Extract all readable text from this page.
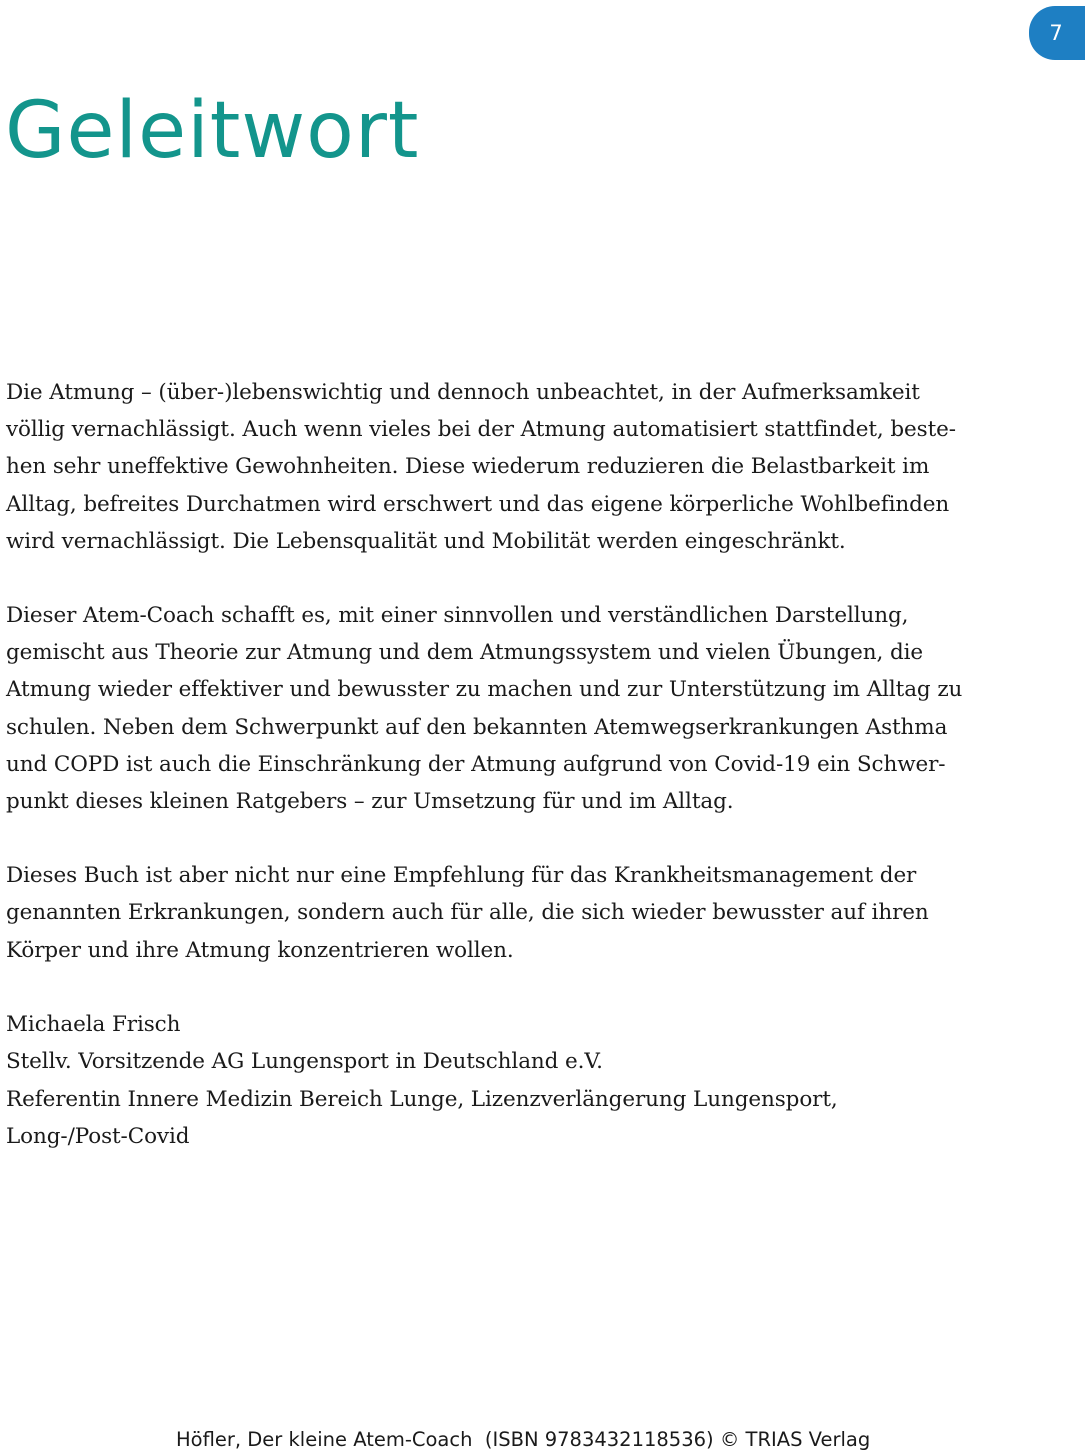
7
Geleitwort

Die Atmung – (über-)lebenswichtig und dennoch unbeachtet, in der Aufmerksamkeit
völlig vernachlässigt. Auch wenn vieles bei der Atmung automatisiert stattfindet, beste-
hen sehr uneffektive Gewohnheiten. Diese wiederum reduzieren die Belastbarkeit im
Alltag, befreites Durchatmen wird erschwert und das eigene körperliche Wohlbefinden
wird vernachlässigt. Die Lebensqualität und Mobilität werden eingeschränkt.

Dieser Atem-Coach schafft es, mit einer sinnvollen und verständlichen Darstellung,
gemischt aus Theorie zur Atmung und dem Atmungssystem und vielen Übungen, die
Atmung wieder effektiver und bewusster zu machen und zur Unterstützung im Alltag zu
schulen. Neben dem Schwerpunkt auf den bekannten Atemwegserkrankungen Asthma
und COPD ist auch die Einschränkung der Atmung aufgrund von Covid-19 ein Schwer-
punkt dieses kleinen Ratgebers – zur Umsetzung für und im Alltag.

Dieses Buch ist aber nicht nur eine Empfehlung für das Krankheitsmanagement der
genannten Erkrankungen, sondern auch für alle, die sich wieder bewusster auf ihren
Körper und ihre Atmung konzentrieren wollen.

Michaela Frisch
Stellv. Vorsitzende AG Lungensport in Deutschland e.V.
Referentin Innere Medizin Bereich Lunge, Lizenzverlängerung Lungensport,
Long-/Post-Covid
Höfler, Der kleine Atem-Coach  (ISBN 9783432118536) © TRIAS Verlag
